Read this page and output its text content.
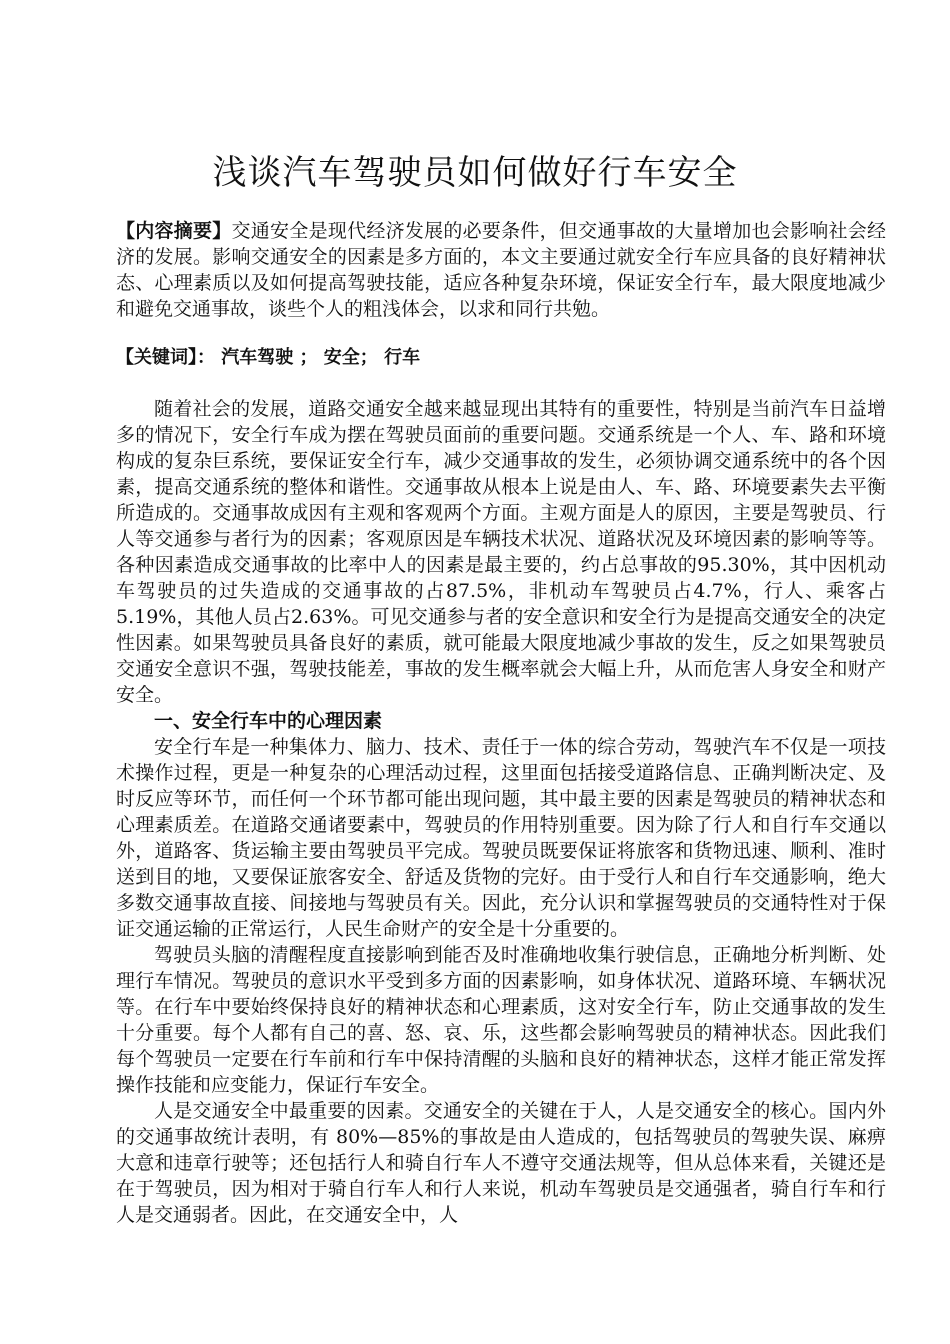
浅谈汽车驾驶员如何做好行车安全
【内容摘要】交通安全是现代经济发展的必要条件，但交通事故的大量增加也会影响社会经济的发展。影响交通安全的因素是多方面的，本文主要通过就安全行车应具备的良好精神状态、心理素质以及如何提高驾驶技能，适应各种复杂环境，保证安全行车，最大限度地减少和避免交通事故，谈些个人的粗浅体会，以求和同行共勉。
【关键词】： 汽车驾驶 ； 安全； 行车

随着社会的发展，道路交通安全越来越显现出其特有的重要性，特别是当前汽车日益增多的情况下，安全行车成为摆在驾驶员面前的重要问题。交通系统是一个人、车、路和环境构成的复杂巨系统，要保证安全行车，减少交通事故的发生，必须协调交通系统中的各个因素，提高交通系统的整体和谐性。交通事故从根本上说是由人、车、路、环境要素失去平衡所造成的。交通事故成因有主观和客观两个方面。主观方面是人的原因，主要是驾驶员、行人等交通参与者行为的因素；客观原因是车辆技术状况、道路状况及环境因素的影响等等。各种因素造成交通事故的比率中人的因素是最主要的，约占总事故的95.30%，其中因机动车驾驶员的过失造成的交通事故的占87.5%，非机动车驾驶员占4.7%，行人、乘客占5.19%，其他人员占2.63%。可见交通参与者的安全意识和安全行为是提高交通安全的决定性因素。如果驾驶员具备良好的素质，就可能最大限度地减少事故的发生，反之如果驾驶员交通安全意识不强，驾驶技能差，事故的发生概率就会大幅上升，从而危害人身安全和财产安全。

一、安全行车中的心理因素

安全行车是一种集体力、脑力、技术、责任于一体的综合劳动，驾驶汽车不仅是一项技术操作过程，更是一种复杂的心理活动过程，这里面包括接受道路信息、正确判断决定、及时反应等环节，而任何一个环节都可能出现问题，其中最主要的因素是驾驶员的精神状态和心理素质差。在道路交通诸要素中，驾驶员的作用特别重要。因为除了行人和自行车交通以外，道路客、货运输主要由驾驶员平完成。驾驶员既要保证将旅客和货物迅速、顺利、准时送到目的地，又要保证旅客安全、舒适及货物的完好。由于受行人和自行车交通影响，绝大多数交通事故直接、间接地与驾驶员有关。因此，充分认识和掌握驾驶员的交通特性对于保证交通运输的正常运行，人民生命财产的安全是十分重要的。

驾驶员头脑的清醒程度直接影响到能否及时准确地收集行驶信息，正确地分析判断、处理行车情况。驾驶员的意识水平受到多方面的因素影响，如身体状况、道路环境、车辆状况等。在行车中要始终保持良好的精神状态和心理素质，这对安全行车，防止交通事故的发生十分重要。每个人都有自己的喜、怒、哀、乐，这些都会影响驾驶员的精神状态。因此我们每个驾驶员一定要在行车前和行车中保持清醒的头脑和良好的精神状态，这样才能正常发挥操作技能和应变能力，保证行车安全。

人是交通安全中最重要的因素。交通安全的关键在于人，人是交通安全的核心。国内外的交通事故统计表明，有 80%—85%的事故是由人造成的，包括驾驶员的驾驶失误、麻痹大意和违章行驶等；还包括行人和骑自行车人不遵守交通法规等，但从总体来看，关键还是在于驾驶员，因为相对于骑自行车人和行人来说，机动车驾驶员是交通强者，骑自行车和行人是交通弱者。因此，在交通安全中，人
